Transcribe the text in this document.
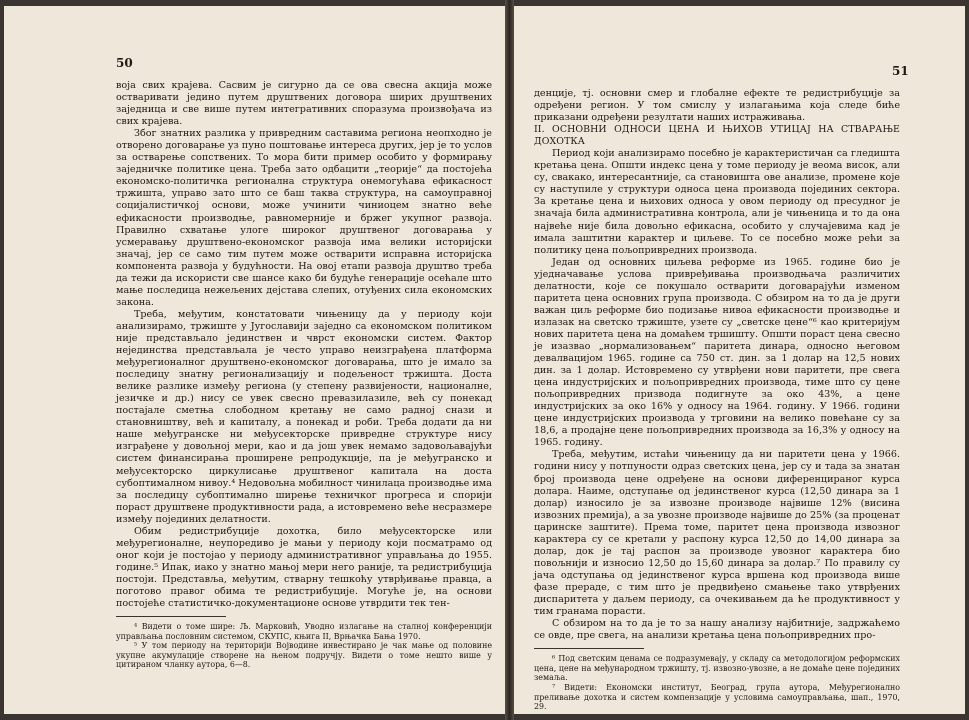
50

воја свих крајева. Сасвим је сигурно да се ова свесна акција може остваривати једино путем друштвених договора ширих друштвених заједница и све више путем интегративних споразума произвођача из свих крајева.

Због знатних разлика у привредним саставима региона неопходно је отворено договарање уз пуно поштовање интереса других, јер је то услов за остварење сопствених. То мора бити пример особито у формирању заједничке политике цена. Треба зато одбацити „теорије“ да постојећа економско-политичка регионална структура онемогућава ефикасност тржишта, управо зато што се баш таква структура, на самоуправној социјалистичкој основи, може учинити чиниоцем знатно веће ефикасности производње, равномерније и бржег укупног развоја. Правилно схватање улоге широког друштвеног договарања у усмеравању друштвено-економског развоја има велики историјски значај, јер се само тим путем може остварити исправна историјска компонента развоја у будућности. На овој етапи развоја друштво треба да тежи да искористи све шансе како би будуће генерације осећале што мање последица нежељених дејстава слепих, отуђених сила економских закона.

Треба, међутим, констатовати чињеницу да у периоду који анализирамо, тржиште у Југославији заједно са економском политиком није представљало јединствен и чврст економски систем. Фактор нејединства представљала је често управо неизграђена платформа међурегионалног друштвено-економског договарања, што је имало за последицу знатну регионализацију и подељеност тржишта. Доста велике разлике између региона (у степену развијености, националне, језичке и др.) нису се увек свесно превазилазиле, већ су понекад постајале сметња слободном кретању не само радној снази и становништву, већ и капиталу, а понекад и роби. Треба додати да ни наше међугранске ни међусекторске привредне структуре нису изграђене у довољној мери, као и да још увек немамо задовољавајући систем финансирања проширене репродукције, па је међугранско и међусекторско циркулисање друштвеног капитала на доста субоптималном нивоу.⁴ Недовољна мобилност чинилаца производње има за последицу субоптимално ширење техничког прогреса и спорији пораст друштвене продуктивности рада, а истовремено веће несразмере између појединих делатности.

Обим редистрибуције дохотка, било међусекторске или међурегионалне, неупоредиво је мањи у периоду који посматрамо од оног који је постојао у периоду административног управљања до 1955. године.⁵ Ипак, иако у знатно мањој мери него раније, та редистрибуција постоји. Представља, међутим, стварну тешкоћу утврђивање правца, а поготово правог обима те редистрибуције. Могуће је, на основи постојеће статистичко-документационе основе утврдити тек тен-

⁴ Видети о томе шире: Љ. Марковић, Уводно излагање на сталној конференцији управљања пословним системом, СКУПС, књига II, Врњачка Бања 1970.

⁵ У том периоду на територији Војводине инвестирано је чак мање од половине укупне акумулације створене на њеном подручју. Видети о томе нешто више у цитираном чланку аутора, 6—8.

51

денције, тј. основни смер и глобалне ефекте те редистрибуције за одређени регион. У том смислу у излагањима која следе биће приказани одређени резултати наших истраживања.

II. ОСНОВНИ ОДНОСИ ЦЕНА И ЊИХОВ УТИЦАЈ НА СТВАРАЊЕ ДОХОТКА

Период који анализирамо посебно је карактеристичан са гледишта кретања цена. Општи индекс цена у томе периоду је веома висок, али су, свакако, интересантније, са становишта ове анализе, промене које су наступиле у структури односа цена производа појединих сектора. За кретање цена и њихових односа у овом периоду од пресудног је значаја била административна контрола, али је чињеница и то да она највеће није била довољно ефикасна, особито у случајевима кад је имала заштитни карактер и циљеве. То се посебно може рећи за политику цена пољопривредних производа.

Један од основних циљева реформе из 1965. године био је уједначавање услова привређивања производњача различитих делатности, које се покушало остварити договарајући изменом паритета цена основних група производа. С обзиром на то да је други важан циљ реформе био подизање нивоа ефикасности производње и излазак на светско тржиште, узете су „светске цене“⁶ као критеријум нових паритета цена на домаћем тршишту. Општи пораст цена свесно је изазвао „нормализовањем“ паритета динара, односно његовом девалвацијом 1965. године са 750 ст. дин. за 1 долар на 12,5 нових дин. за 1 долар. Истовремено су утврђени нови паритети, пре свега цена индустријских и пољопривредних производа, тиме што су цене пољопривредних призвода подигнуте за око 43%, а цене индустријских за око 16% у односу на 1964. годину. У 1966. години цене индустријских производа у трговини на велико повећане су за 18,6, а продајне цене пољопривредних производа за 16,3% у односу на 1965. годину.

Треба, међутим, истаћи чињеницу да ни паритети цена у 1966. години нису у потпуности одраз светских цена, јер су и тада за знатан број производа цене одређене на основи диференцираног курса долара. Наиме, одступање од јединственог курса (12,50 динара за 1 долар) износило је за извозне производе највише 12% (висина извозних премија), а за увозне производе највише до 25% (за проценат царинске заштите). Према томе, паритет цена производа извозног карактера су се кретали у распону курса 12,50 до 14,00 динара за долар, док је тај распон за производе увозног карактера био повољнији и износио 12,50 до 15,60 динара за долар.⁷ По правилу су јача одступања од јединственог курса вршена код производа више фазе прераде, с тим што је предвиђено смањење тако утврђених диспаритета у даљем периоду, са очекивањем да ће продуктивност у тим гранама порасти.

С обзиром на то да је то за нашу анализу најбитније, задржаћемо се овде, пре свега, на анализи кретања цена пољопривредних про-

⁶ Под светским ценама се подразумевају, у складу са методологијом реформских цена, цене на међународном тржишту, тј. извозно-увозне, а не домаће цене појединих земаља.

⁷ Видети: Економски институт, Београд, група аутора, Међурегионално преливање дохотка и систем компензације у условима самоуправљања, шап., 1970, 29.
